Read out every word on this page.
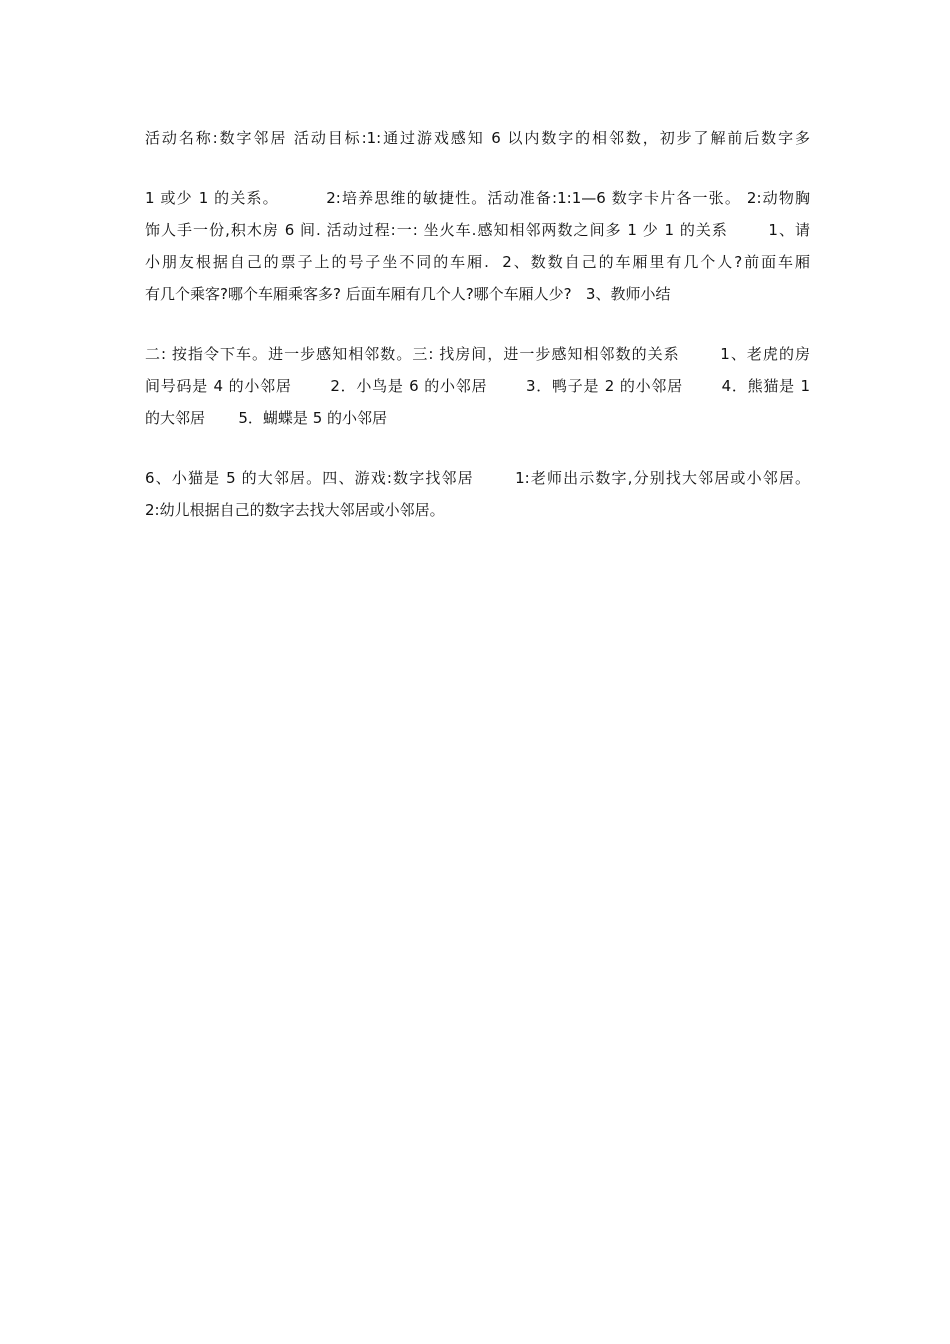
活动名称:数字邻居 活动目标:1:通过游戏感知 6 以内数字的相邻数，初步了解前后数字多
1 或少 1 的关系。        2:培养思维的敏捷性。活动准备:1:1—6 数字卡片各一张。 2:动物胸
饰人手一份,积木房 6 间. 活动过程:一: 坐火车.感知相邻两数之间多 1 少 1 的关系       1、请
小朋友根据自己的票子上的号子坐不同的车厢.  2、数数自己的车厢里有几个人?前面车厢
有几个乘客?哪个车厢乘客多? 后面车厢有几个人?哪个车厢人少?   3、教师小结
二: 按指令下车。进一步感知相邻数。三: 找房间，进一步感知相邻数的关系       1、老虎的房
间号码是 4 的小邻居       2．小鸟是 6 的小邻居       3．鸭子是 2 的小邻居       4．熊猫是 1
的大邻居       5．蝴蝶是 5 的小邻居
6、小猫是 5 的大邻居。四、游戏:数字找邻居       1:老师出示数字,分别找大邻居或小邻居。
2:幼儿根据自己的数字去找大邻居或小邻居。
